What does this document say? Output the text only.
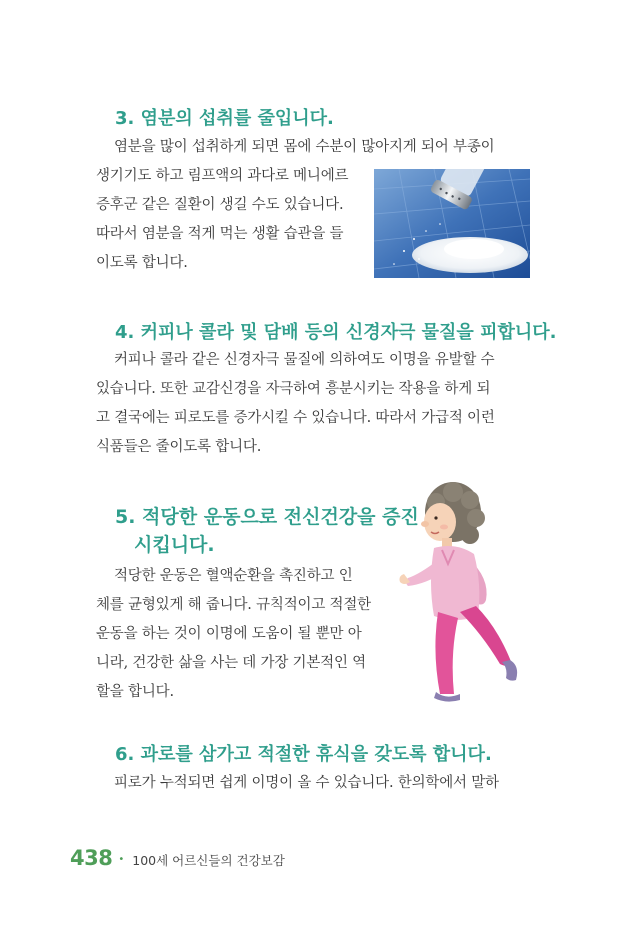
3. 염분의 섭취를 줄입니다.
염분을 많이 섭취하게 되면 몸에 수분이 많아지게 되어 부종이
생기기도 하고 림프액의 과다로 메니에르
증후군 같은 질환이 생길 수도 있습니다.
따라서 염분을 적게 먹는 생활 습관을 들
이도록 합니다.
4. 커피나 콜라 및 담배 등의 신경자극 물질을 피합니다.
커피나 콜라 같은 신경자극 물질에 의하여도 이명을 유발할 수
있습니다. 또한 교감신경을 자극하여 흥분시키는 작용을 하게 되
고 결국에는 피로도를 증가시킬 수 있습니다. 따라서 가급적 이런
식품들은 줄이도록 합니다.
5. 적당한 운동으로 전신건강을 증진
시킵니다.
적당한 운동은 혈액순환을 촉진하고 인
체를 균형있게 해 줍니다. 규칙적이고 적절한
운동을 하는 것이 이명에 도움이 될 뿐만 아
니라, 건강한 삶을 사는 데 가장 기본적인 역
할을 합니다.
6. 과로를 삼가고 적절한 휴식을 갖도록 합니다.
피로가 누적되면 쉽게 이명이 올 수 있습니다. 한의학에서 말하
438 • 100세 어르신들의 건강보감
